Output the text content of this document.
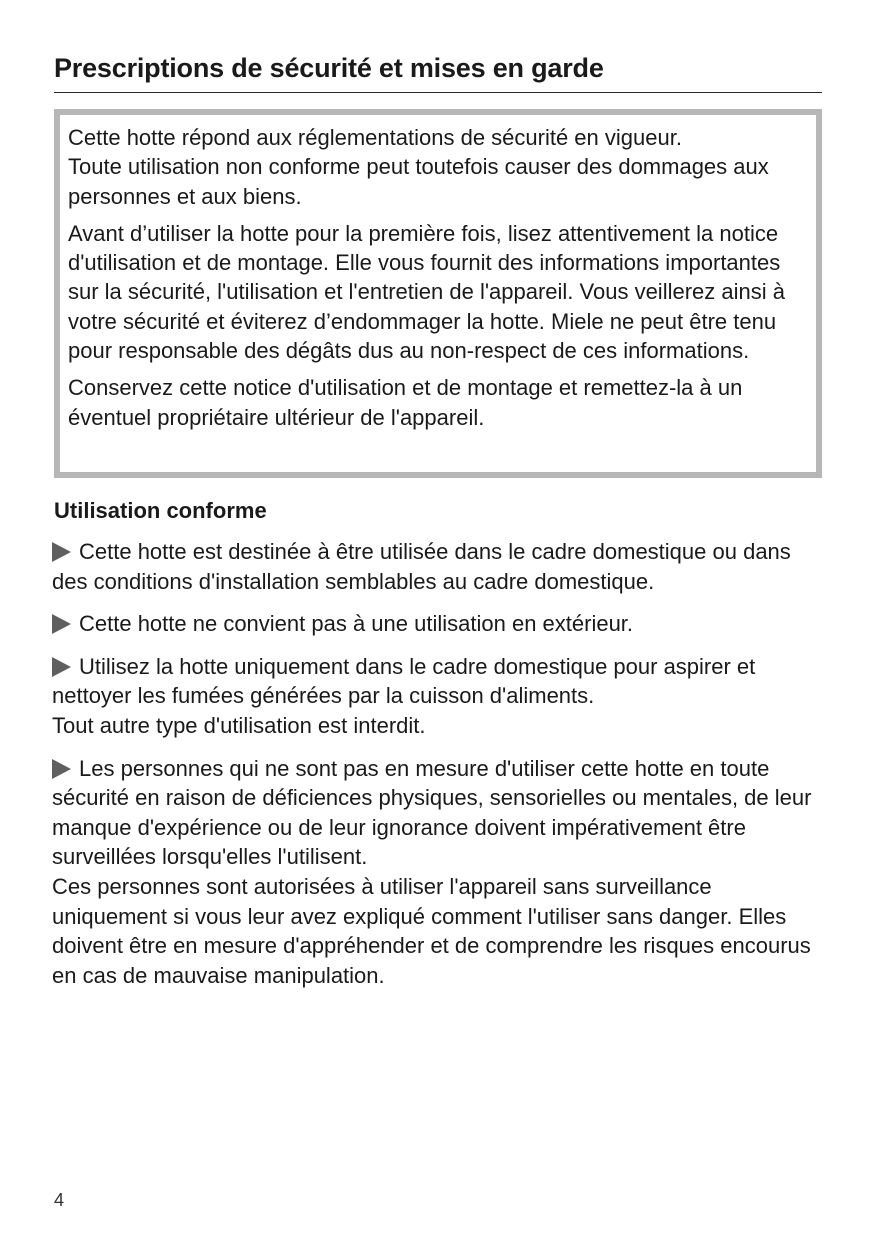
Prescriptions de sécurité et mises en garde

Cette hotte répond aux réglementations de sécurité en vigueur.
Toute utilisation non conforme peut toutefois causer des dommages aux personnes et aux biens.

Avant d’utiliser la hotte pour la première fois, lisez attentivement la notice d'utilisation et de montage. Elle vous fournit des informations importantes sur la sécurité, l'utilisation et l'entretien de l'appareil. Vous veillerez ainsi à votre sécurité et éviterez d’endommager la hotte. Miele ne peut être tenu pour responsable des dégâts dus au non-respect de ces informations.

Conservez cette notice d'utilisation et de montage et remettez-la à un éventuel propriétaire ultérieur de l'appareil.

Utilisation conforme
Cette hotte est destinée à être utilisée dans le cadre domestique ou dans des conditions d'installation semblables au cadre domestique.
Cette hotte ne convient pas à une utilisation en extérieur.
Utilisez la hotte uniquement dans le cadre domestique pour aspirer et nettoyer les fumées générées par la cuisson d'aliments.
Tout autre type d'utilisation est interdit.
Les personnes qui ne sont pas en mesure d'utiliser cette hotte en toute sécurité en raison de déficiences physiques, sensorielles ou mentales, de leur manque d'expérience ou de leur ignorance doivent impérativement être surveillées lorsqu'elles l'utilisent.
Ces personnes sont autorisées à utiliser l'appareil sans surveillance uniquement si vous leur avez expliqué comment l'utiliser sans danger. Elles doivent être en mesure d'appréhender et de comprendre les risques encourus en cas de mauvaise manipulation.
4
